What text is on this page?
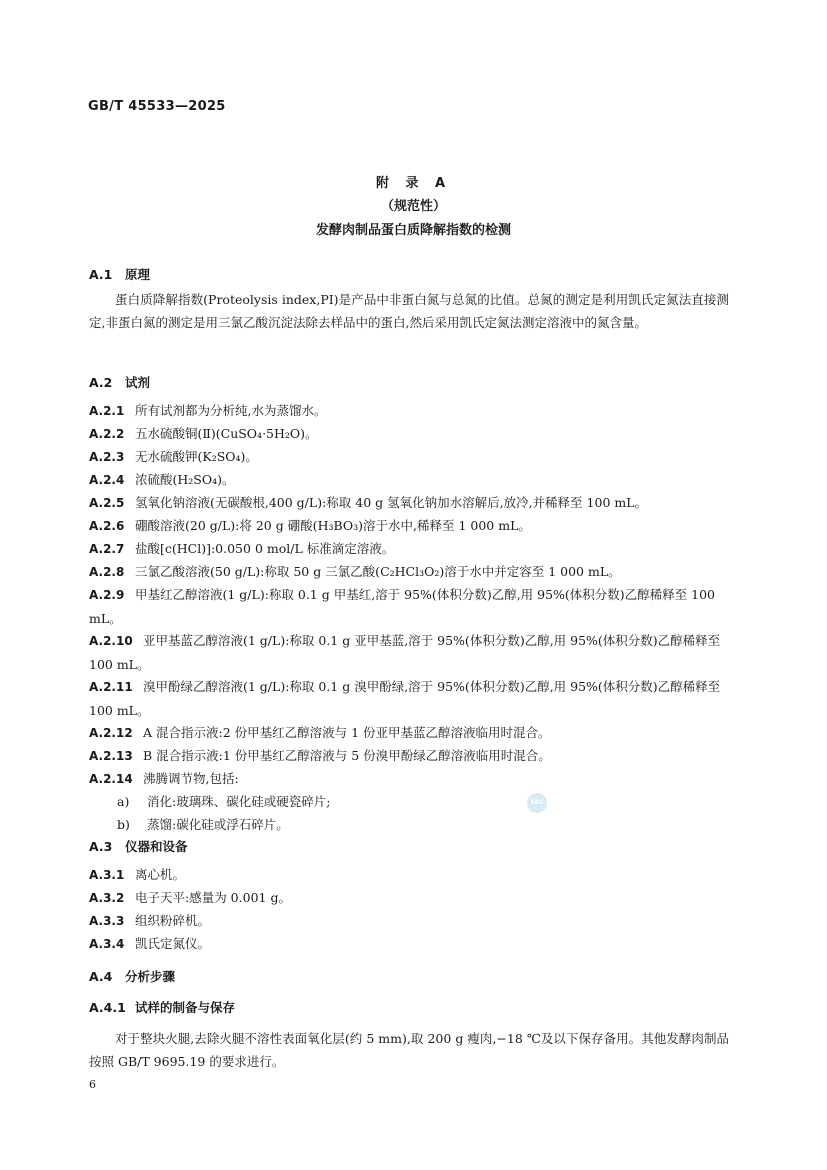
GB/T 45533—2025
附 录 A
（规范性）
发酵肉制品蛋白质降解指数的检测
A.1 原理
蛋白质降解指数(Proteolysis index,PI)是产品中非蛋白氮与总氮的比值。总氮的测定是利用凯氏定氮法直接测定,非蛋白氮的测定是用三氯乙酸沉淀法除去样品中的蛋白,然后采用凯氏定氮法测定溶液中的氮含量。
A.2 试剂
A.2.1 所有试剂都为分析纯,水为蒸馏水。
A.2.2 五水硫酸铜(Ⅱ)(CuSO₄·5H₂O)。
A.2.3 无水硫酸钾(K₂SO₄)。
A.2.4 浓硫酸(H₂SO₄)。
A.2.5 氢氧化钠溶液(无碳酸根,400 g/L):称取 40 g 氢氧化钠加水溶解后,放冷,并稀释至 100 mL。
A.2.6 硼酸溶液(20 g/L):将 20 g 硼酸(H₃BO₃)溶于水中,稀释至 1 000 mL。
A.2.7 盐酸[c(HCl)]:0.050 0 mol/L 标准滴定溶液。
A.2.8 三氯乙酸溶液(50 g/L):称取 50 g 三氯乙酸(C₂HCl₃O₂)溶于水中并定容至 1 000 mL。
A.2.9 甲基红乙醇溶液(1 g/L):称取 0.1 g 甲基红,溶于 95%(体积分数)乙醇,用 95%(体积分数)乙醇稀释至 100 mL。
A.2.10 亚甲基蓝乙醇溶液(1 g/L):称取 0.1 g 亚甲基蓝,溶于 95%(体积分数)乙醇,用 95%(体积分数)乙醇稀释至 100 mL。
A.2.11 溴甲酚绿乙醇溶液(1 g/L):称取 0.1 g 溴甲酚绿,溶于 95%(体积分数)乙醇,用 95%(体积分数)乙醇稀释至 100 mL。
A.2.12 A 混合指示液:2 份甲基红乙醇溶液与 1 份亚甲基蓝乙醇溶液临用时混合。
A.2.13 B 混合指示液:1 份甲基红乙醇溶液与 5 份溴甲酚绿乙醇溶液临用时混合。
A.2.14 沸腾调节物,包括:
a) 消化:玻璃珠、碳化硅或硬瓷碎片;
b) 蒸馏:碳化硅或浮石碎片。
SBC
A.3 仪器和设备
A.3.1 离心机。
A.3.2 电子天平:感量为 0.001 g。
A.3.3 组织粉碎机。
A.3.4 凯氏定氮仪。
A.4 分析步骤
A.4.1 试样的制备与保存
对于整块火腿,去除火腿不溶性表面氧化层(约 5 mm),取 200 g 瘦肉,−18 ℃及以下保存备用。其他发酵肉制品按照 GB/T 9695.19 的要求进行。
6
